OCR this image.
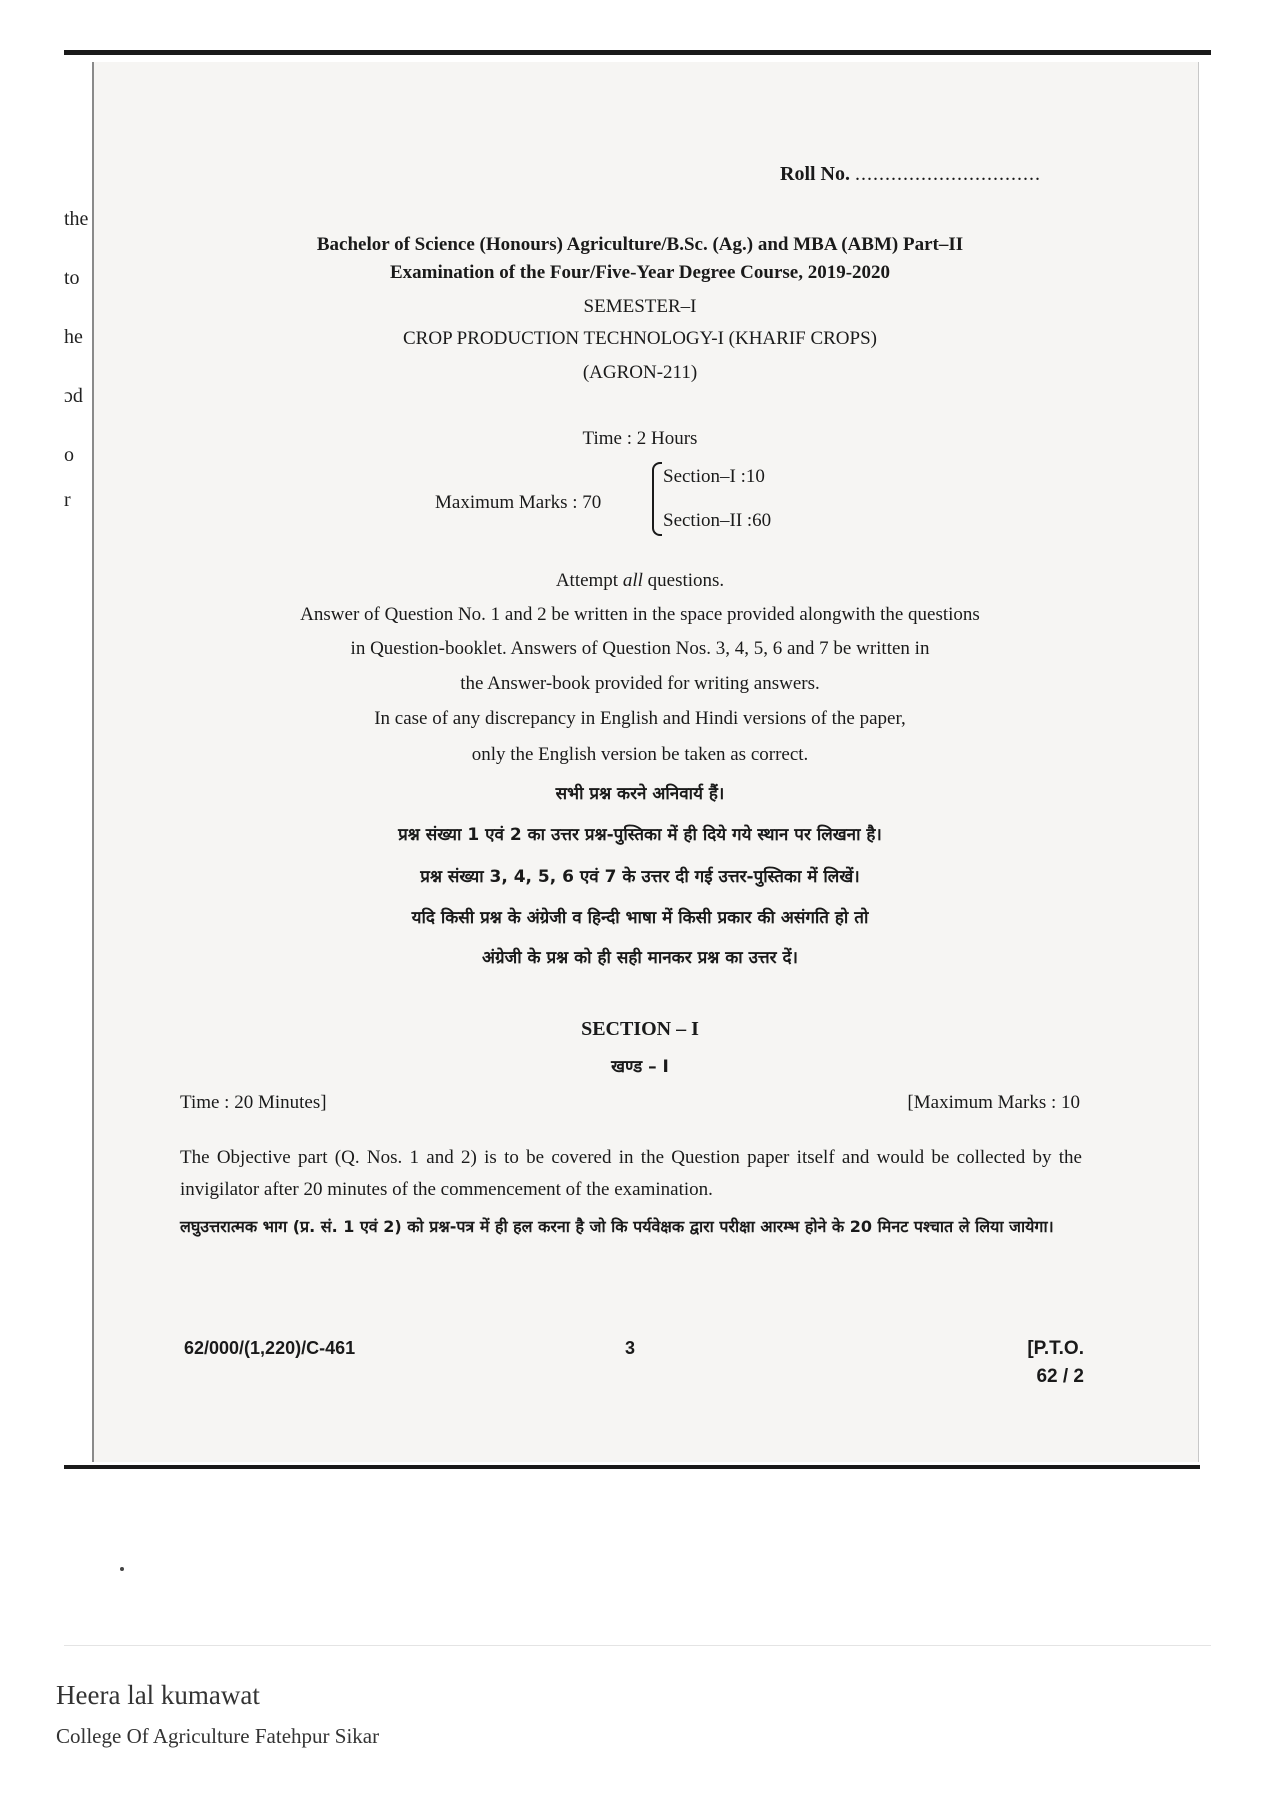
the
to
he
ɔd
o
r
Roll No. ...............................
Bachelor of Science (Honours) Agriculture/B.Sc. (Ag.) and MBA (ABM) Part–II
Examination of the Four/Five-Year Degree Course, 2019-2020
SEMESTER–I
CROP PRODUCTION TECHNOLOGY-I (KHARIF CROPS)
(AGRON-211)
Time : 2 Hours
Maximum Marks : 70
Section–I :10
Section–II :60
Attempt all questions.
Answer of Question No. 1 and 2 be written in the space provided alongwith the questions
in Question-booklet. Answers of Question Nos. 3, 4, 5, 6 and 7 be written in
the Answer-book provided for writing answers.
In case of any discrepancy in English and Hindi versions of the paper,
only the English version be taken as correct.
सभी प्रश्न करने अनिवार्य हैं।
प्रश्न संख्या 1 एवं 2 का उत्तर प्रश्न-पुस्तिका में ही दिये गये स्थान पर लिखना है।
प्रश्न संख्या 3, 4, 5, 6 एवं 7 के उत्तर दी गई उत्तर-पुस्तिका में लिखें।
यदि किसी प्रश्न के अंग्रेजी व हिन्दी भाषा में किसी प्रकार की असंगति हो तो
अंग्रेजी के प्रश्न को ही सही मानकर प्रश्न का उत्तर दें।
SECTION – I
खण्ड – I
Time : 20 Minutes]	[Maximum Marks : 10
The Objective part (Q. Nos. 1 and 2) is to be covered in the Question paper itself and would be collected by the invigilator after 20 minutes of the commencement of the examination.
लघुउत्तरात्मक भाग (प्र. सं. 1 एवं 2) को प्रश्न-पत्र में ही हल करना है जो कि पर्यवेक्षक द्वारा परीक्षा आरम्भ होने के 20 मिनट पश्चात ले लिया जायेगा।
62/000/(1,220)/C-461	3	[P.T.O.
62 / 2
Heera lal kumawat
College Of Agriculture Fatehpur Sikar
